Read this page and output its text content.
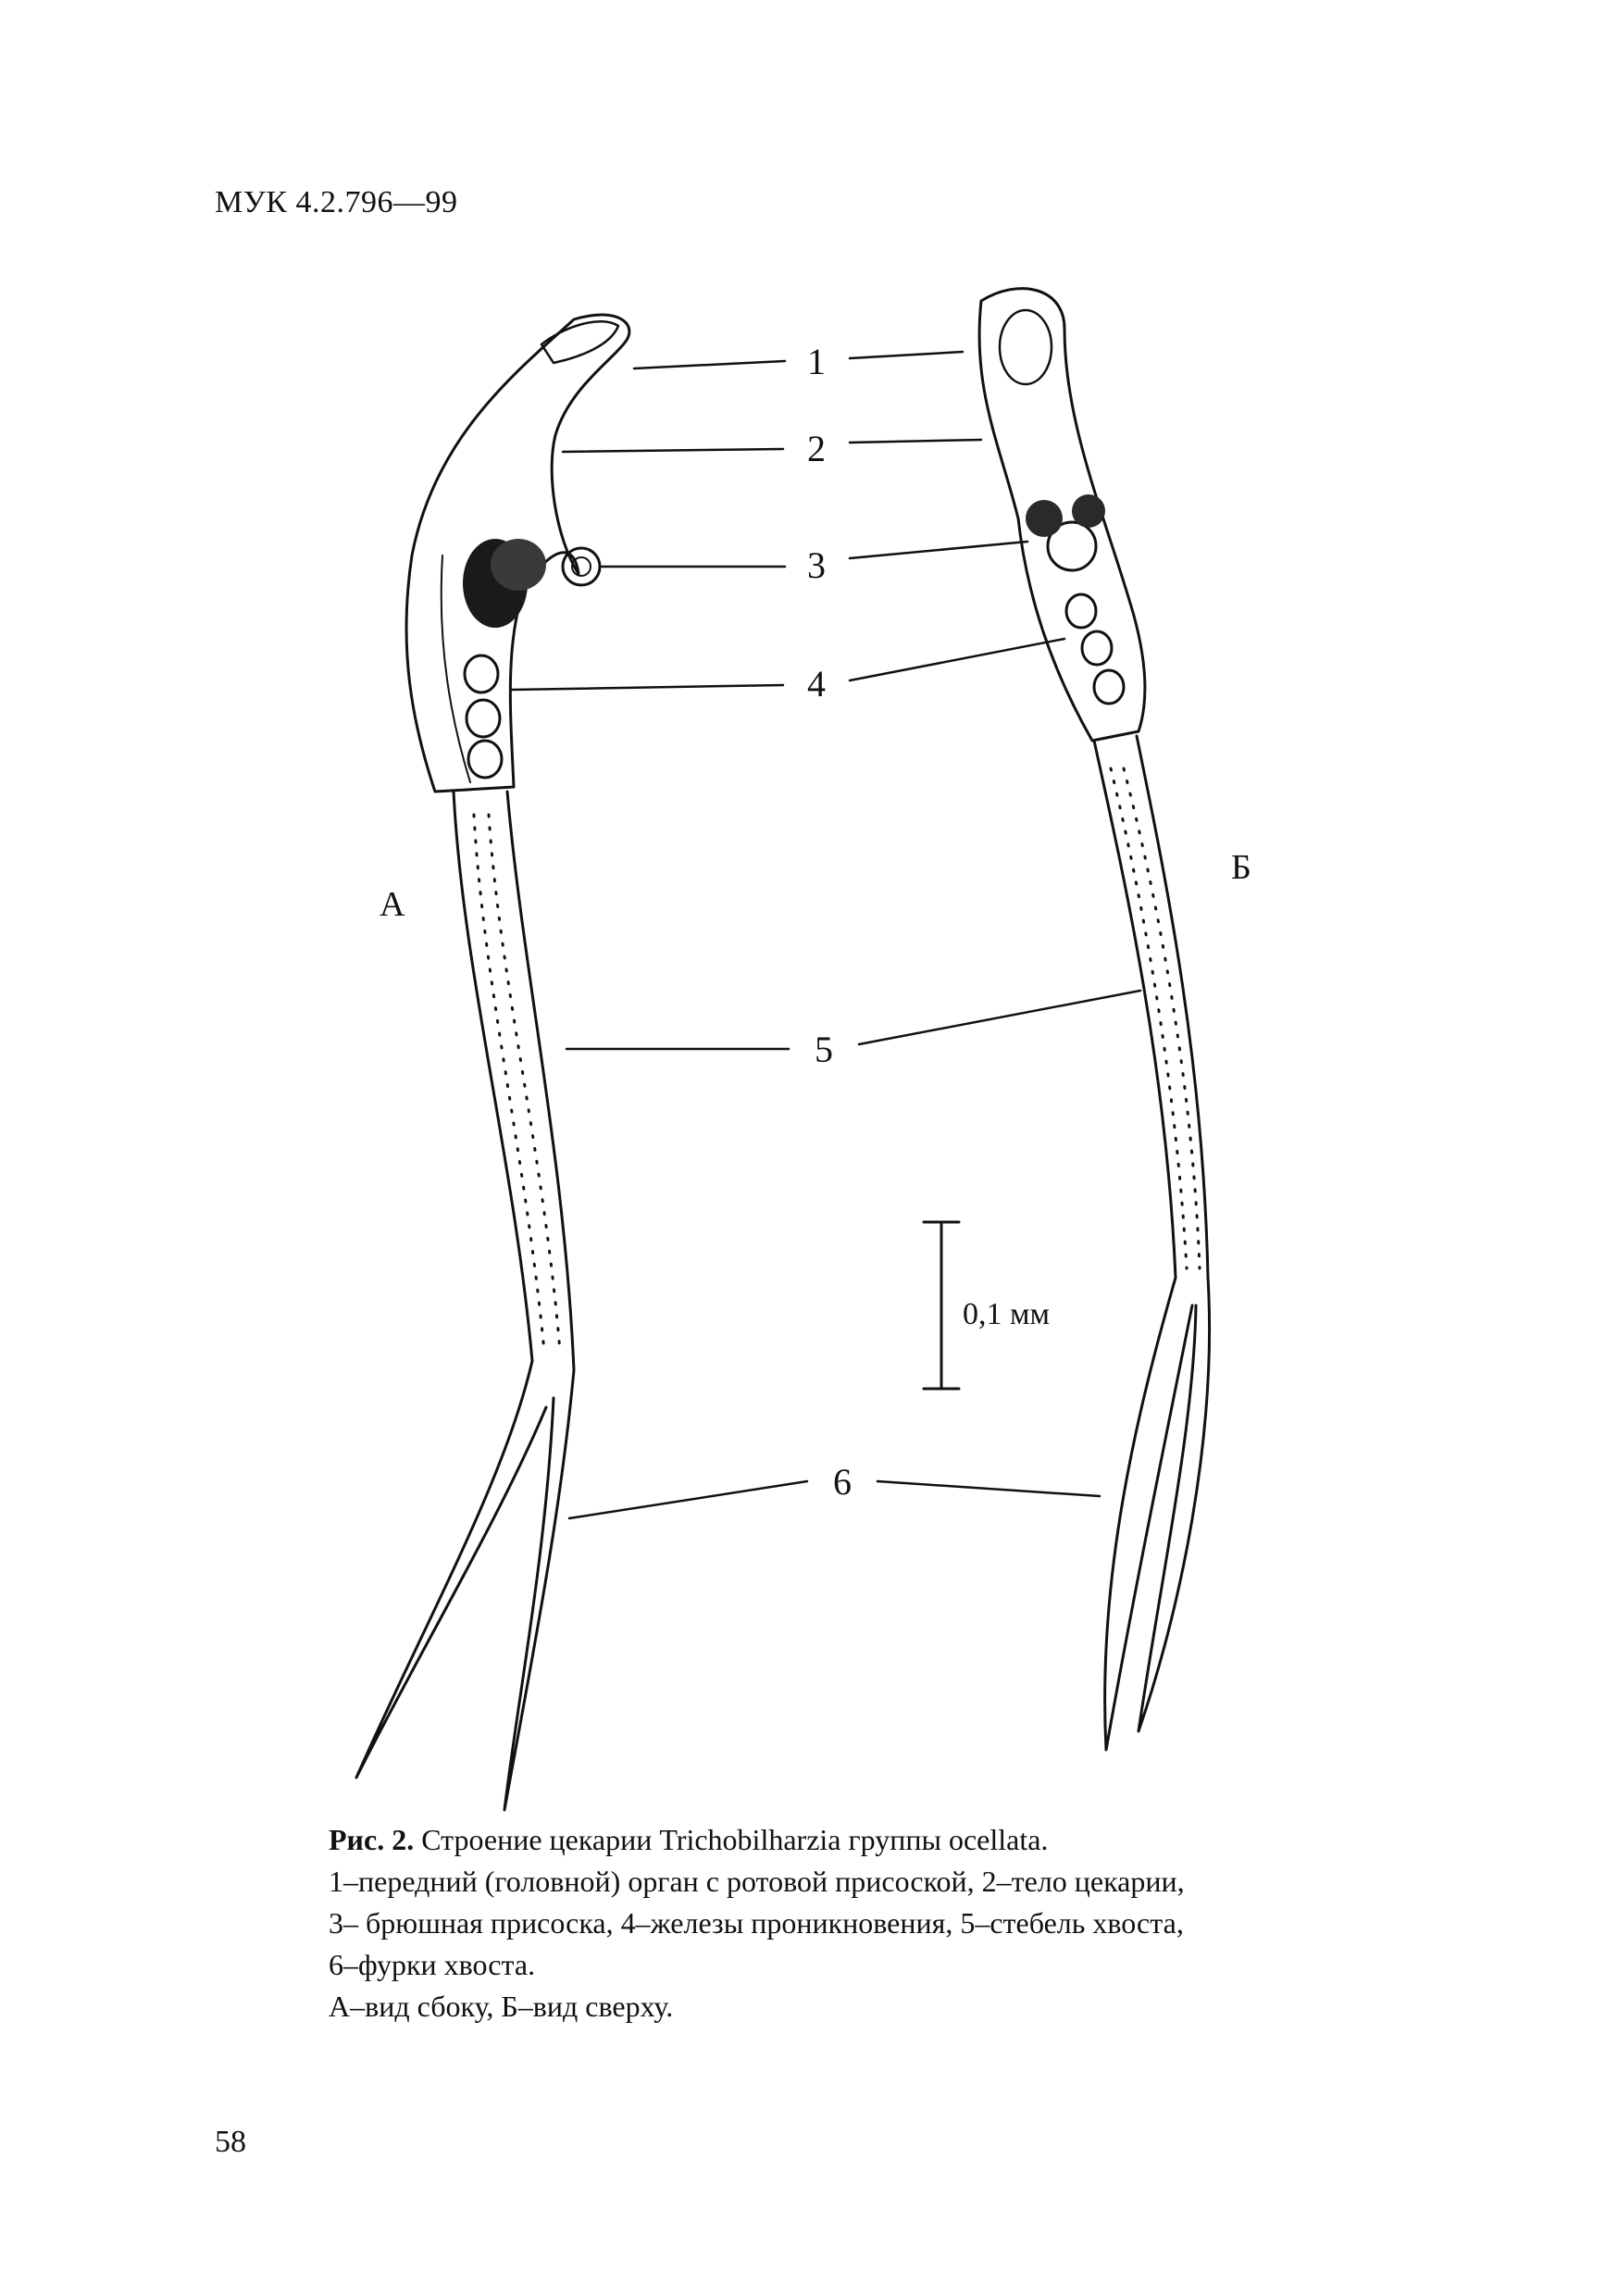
МУК 4.2.796—99
А
Б
1
2
3
4
5
6
0,1 мм

Рис. 2. Строение цекарии Trichobilharzia группы ocellata.

1–передний (головной) орган с ротовой присоской, 2–тело цекарии,

3– брюшная присоска, 4–железы проникновения, 5–стебель хвоста,

6–фурки хвоста.

А–вид сбоку, Б–вид сверху.

58
